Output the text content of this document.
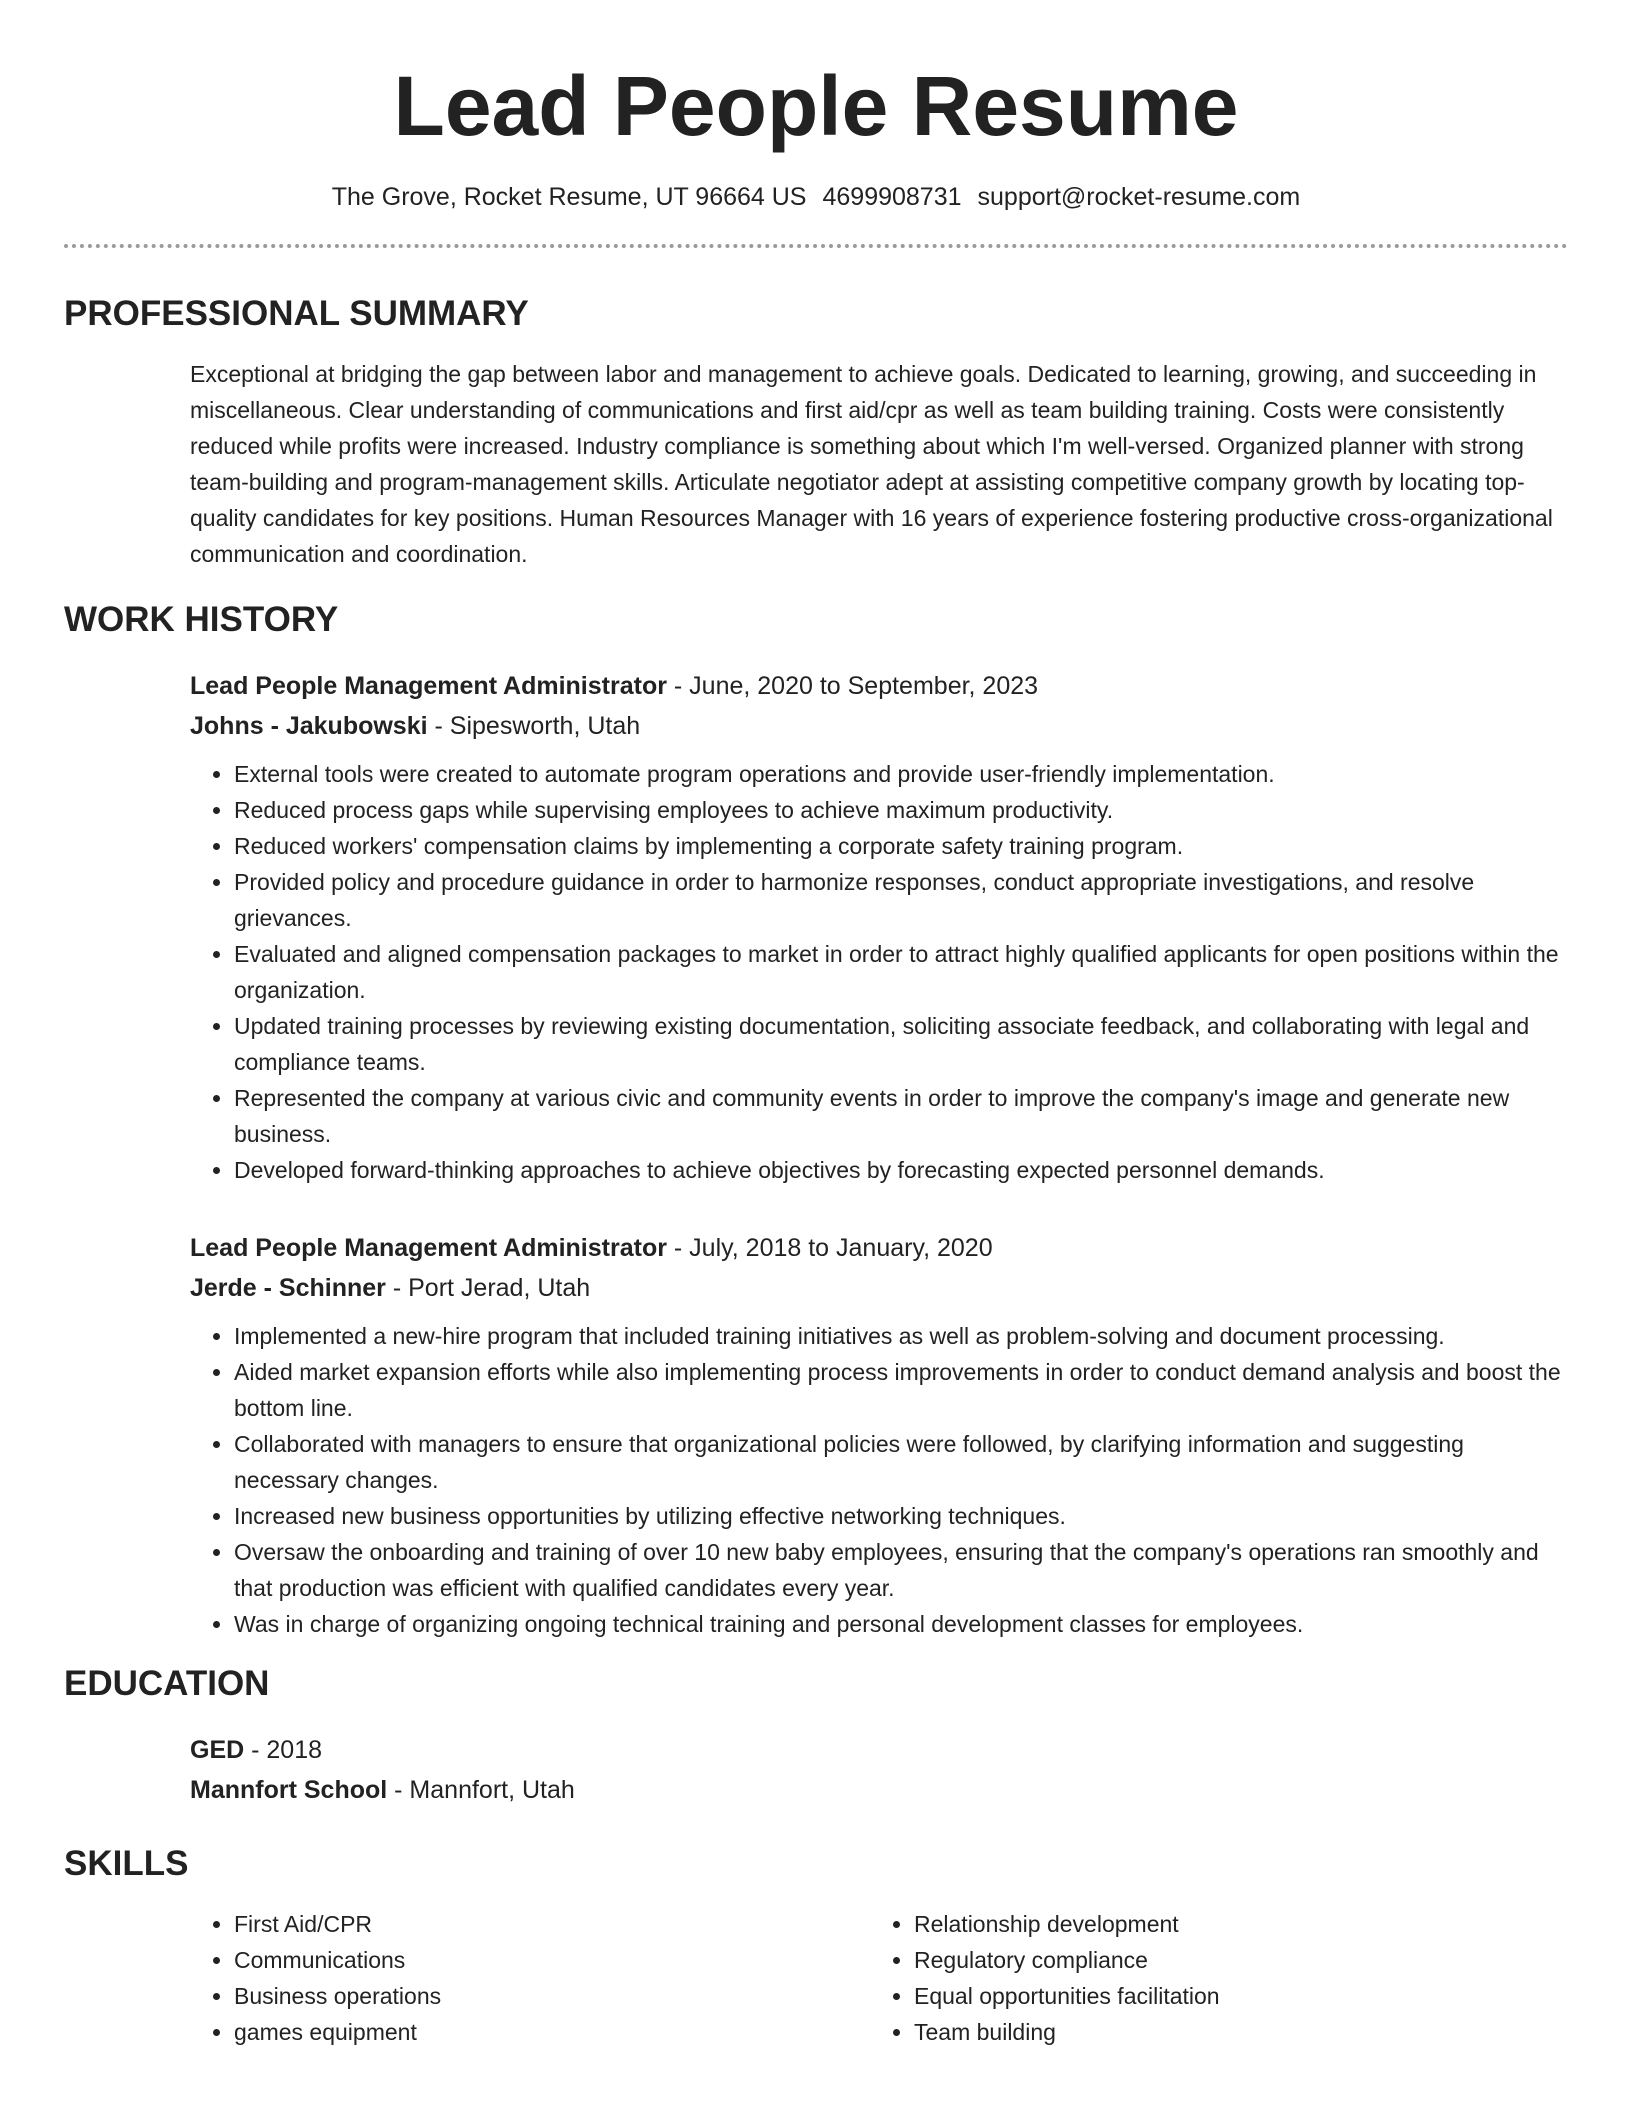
Lead People Resume
The Grove, Rocket Resume, UT 96664 US 4699908731 support@rocket-resume.com
PROFESSIONAL SUMMARY

Exceptional at bridging the gap between labor and management to achieve goals. Dedicated to learning, growing, and succeeding in miscellaneous. Clear understanding of communications and first aid/cpr as well as team building training. Costs were consistently reduced while profits were increased. Industry compliance is something about which I'm well-versed. Organized planner with strong team-building and program-management skills. Articulate negotiator adept at assisting competitive company growth by locating top-quality candidates for key positions. Human Resources Manager with 16 years of experience fostering productive cross-organizational communication and coordination.

WORK HISTORY
Lead People Management Administrator - June, 2020 to September, 2023
Johns - Jakubowski - Sipesworth, Utah
• External tools were created to automate program operations and provide user-friendly implementation.
• Reduced process gaps while supervising employees to achieve maximum productivity.
• Reduced workers' compensation claims by implementing a corporate safety training program.
• Provided policy and procedure guidance in order to harmonize responses, conduct appropriate investigations, and resolve grievances.
• Evaluated and aligned compensation packages to market in order to attract highly qualified applicants for open positions within the organization.
• Updated training processes by reviewing existing documentation, soliciting associate feedback, and collaborating with legal and compliance teams.
• Represented the company at various civic and community events in order to improve the company's image and generate new business.
• Developed forward-thinking approaches to achieve objectives by forecasting expected personnel demands.
Lead People Management Administrator - July, 2018 to January, 2020
Jerde - Schinner - Port Jerad, Utah
• Implemented a new-hire program that included training initiatives as well as problem-solving and document processing.
• Aided market expansion efforts while also implementing process improvements in order to conduct demand analysis and boost the bottom line.
• Collaborated with managers to ensure that organizational policies were followed, by clarifying information and suggesting necessary changes.
• Increased new business opportunities by utilizing effective networking techniques.
• Oversaw the onboarding and training of over 10 new baby employees, ensuring that the company's operations ran smoothly and that production was efficient with qualified candidates every year.
• Was in charge of organizing ongoing technical training and personal development classes for employees.
EDUCATION
GED - 2018
Mannfort School - Mannfort, Utah
SKILLS
• First Aid/CPR
• Communications
• Business operations
• games equipment
• Relationship development
• Regulatory compliance
• Equal opportunities facilitation
• Team building
